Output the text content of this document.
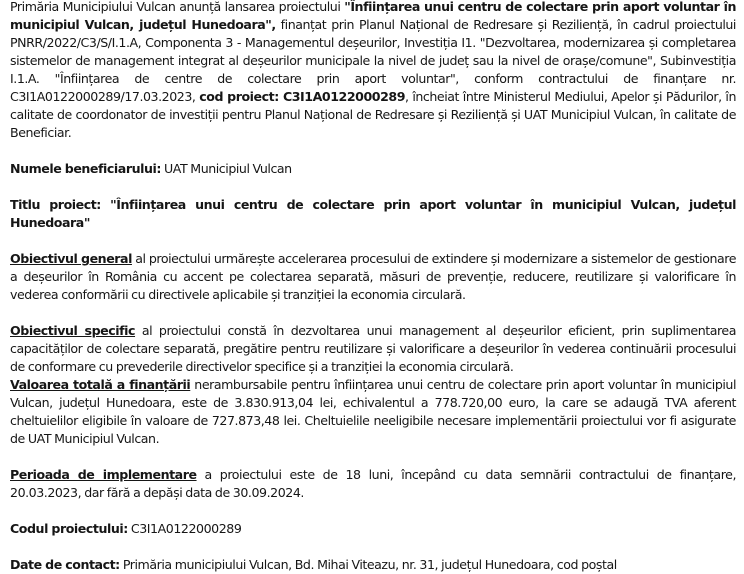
Primăria Municipiului Vulcan anunță lansarea proiectului "Înființarea unui centru de colectare prin aport voluntar în municipiul Vulcan, județul Hunedoara", finanțat prin Planul Național de Redresare și Reziliență, în cadrul proiectului PNRR/2022/C3/S/I.1.A, Componenta 3 - Managementul deșeurilor, Investiția I1. "Dezvoltarea, modernizarea și completarea sistemelor de management integrat al deșeurilor municipale la nivel de județ sau la nivel de orașe/comune", Subinvestiția I.1.A. "Înființarea de centre de colectare prin aport voluntar", conform contractului de finanțare nr. C3I1A0122000289/17.03.2023, cod proiect: C3I1A0122000289, încheiat între Ministerul Mediului, Apelor și Pădurilor, în calitate de coordonator de investiții pentru Planul Național de Redresare și Reziliență și UAT Municipiul Vulcan, în calitate de Beneficiar.

Numele beneficiarului: UAT Municipiul Vulcan

Titlu proiect: "Înființarea unui centru de colectare prin aport voluntar în municipiul Vulcan, județul Hunedoara"

Obiectivul general al proiectului urmărește accelerarea procesului de extindere și modernizare a sistemelor de gestionare a deșeurilor în România cu accent pe colectarea separată, măsuri de prevenție, reducere, reutilizare și valorificare în vederea conformării cu directivele aplicabile și tranziției la economia circulară.

Obiectivul specific al proiectului constă în dezvoltarea unui management al deșeurilor eficient, prin suplimentarea capacităților de colectare separată, pregătire pentru reutilizare și valorificare a deșeurilor în vederea continuării procesului de conformare cu prevederile directivelor specifice și a tranziției la economia circulară.

Valoarea totală a finanțării nerambursabile pentru înființarea unui centru de colectare prin aport voluntar în municipiul Vulcan, județul Hunedoara, este de 3.830.913,04 lei, echivalentul a 778.720,00 euro, la care se adaugă TVA aferent cheltuielilor eligibile în valoare de 727.873,48 lei. Cheltuielile neeligibile necesare implementării proiectului vor fi asigurate de UAT Municipiul Vulcan.

Perioada de implementare a proiectului este de 18 luni, începând cu data semnării contractului de finanțare, 20.03.2023, dar fără a depăși data de 30.09.2024.

Codul proiectului: C3I1A0122000289

Date de contact: Primăria municipiului Vulcan, Bd. Mihai Viteazu, nr. 31, județul Hunedoara, cod poștal
